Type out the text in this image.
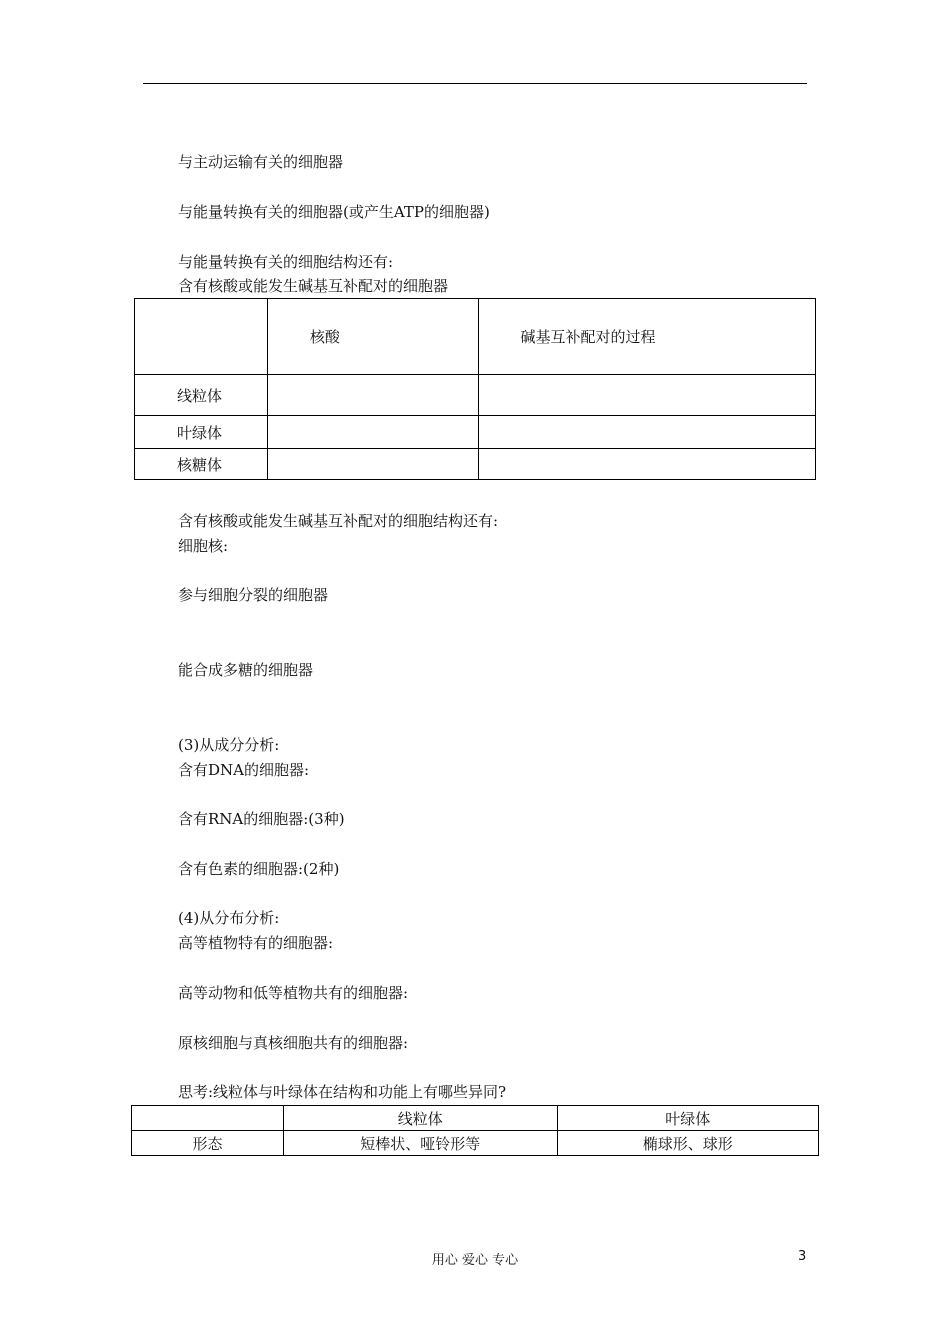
与主动运输有关的细胞器
与能量转换有关的细胞器(或产生ATP的细胞器)
与能量转换有关的细胞结构还有:
含有核酸或能发生碱基互补配对的细胞器
	核酸	碱基互补配对的过程
线粒体		
叶绿体		
核糖体		
含有核酸或能发生碱基互补配对的细胞结构还有:
细胞核:
参与细胞分裂的细胞器
能合成多糖的细胞器
(3)从成分分析:
含有DNA的细胞器:
含有RNA的细胞器:(3种)
含有色素的细胞器:(2种)
(4)从分布分析:
高等植物特有的细胞器:
高等动物和低等植物共有的细胞器:
原核细胞与真核细胞共有的细胞器:
思考:线粒体与叶绿体在结构和功能上有哪些异同?
	线粒体	叶绿体
形态	短棒状、哑铃形等	椭球形、球形
用心 爱心 专心	3
